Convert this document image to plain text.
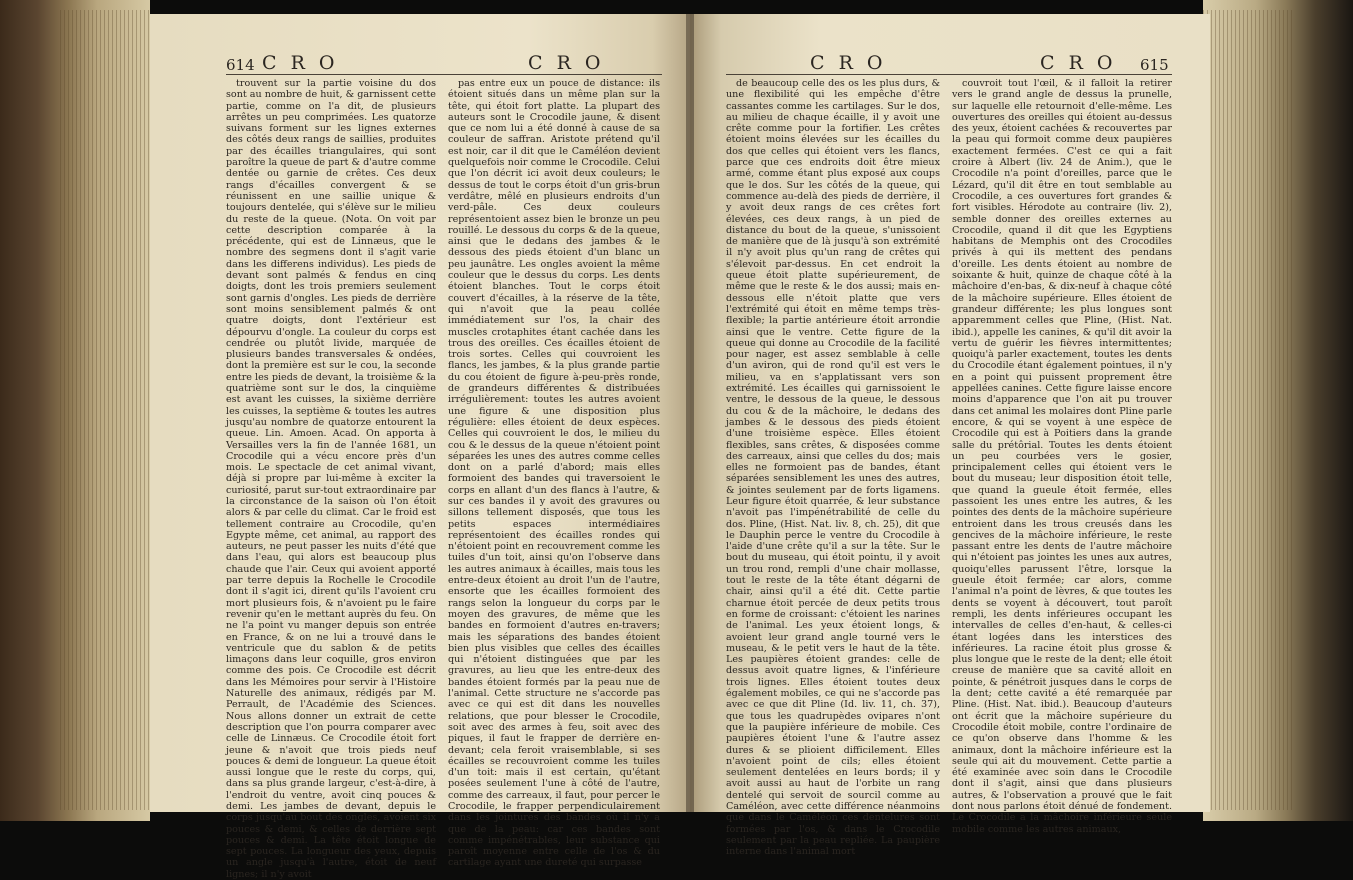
614 C R O	C R O	C R O	C R O 615

trouvent sur la partie voisine du dos sont au nombre de huit, & garnissent cette partie, comme on l'a dit, de plusieurs arrêtes un peu comprimées. Les quatorze suivans forment sur les lignes externes des côtés deux rangs de saillies, produites par des écailles triangulaires, qui sont paroître la queue de part & d'autre comme dentée ou garnie de crêtes. Ces deux rangs d'écailles convergent & se réunissent en une saillie unique & toujours dentelée, qui s'élève sur le milieu du reste de la queue. (Nota. On voit par cette description comparée à la précédente, qui est de Linnæus, que le nombre des segmens dont il s'agit varie dans les differens individus). Les pieds de devant sont palmés & fendus en cinq doigts, dont les trois premiers seulement sont garnis d'ongles. Les pieds de derrière sont moins sensiblement palmés & ont quatre doigts, dont l'extérieur est dépourvu d'ongle. La couleur du corps est cendrée ou plutôt livide, marquée de plusieurs bandes transversales & ondées, dont la première est sur le cou, la seconde entre les pieds de devant, la troisième & la quatrième sont sur le dos, la cinquième est avant les cuisses, la sixième derrière les cuisses, la septième & toutes les autres jusqu'au nombre de quatorze entourent la queue. Lin. Amoen. Acad. On apporta à Versailles vers la fin de l'année 1681, un Crocodile qui a vécu encore près d'un mois. Le spectacle de cet animal vivant, déjà si propre par lui-même à exciter la curiosité, parut sur-tout extraordinaire par la circonstance de la saison où l'on étoit alors & par celle du climat. Car le froid est tellement contraire au Crocodile, qu'en Egypte même, cet animal, au rapport des auteurs, ne peut passer les nuits d'été que dans l'eau, qui alors est beaucoup plus chaude que l'air. Ceux qui avoient apporté par terre depuis la Rochelle le Crocodile dont il s'agit ici, dirent qu'ils l'avoient cru mort plusieurs fois, & n'avoient pu le faire revenir qu'en le mettant auprès du feu. On ne l'a point vu manger depuis son entrée en France, & on ne lui a trouvé dans le ventricule que du sablon & de petits limaçons dans leur coquille, gros environ comme des pois. Ce Crocodile est décrit dans les Mémoires pour servir à l'Histoire Naturelle des animaux, rédigés par M. Perrault, de l'Académie des Sciences. Nous allons donner un extrait de cette description que l'on pourra comparer avec celle de Linnæus. Ce Crocodile étoit fort jeune & n'avoit que trois pieds neuf pouces & demi de longueur. La queue étoit aussi longue que le reste du corps, qui, dans sa plus grande largeur, c'est-à-dire, à l'endroit du ventre, avoit cinq pouces & demi. Les jambes de devant, depuis le corps jusqu'au bout des ongles, avoient six pouces & demi, & celles de derrière sept pouces & demi. La tête étoit longue de sept pouces. La longueur des yeux, depuis un angle jusqu'à l'autre, étoit de neuf lignes; il n'y avoit

pas entre eux un pouce de distance: ils étoient situés dans un même plan sur la tête, qui étoit fort platte. La plupart des auteurs sont le Crocodile jaune, & disent que ce nom lui a été donné à cause de sa couleur de saffran. Aristote prétend qu'il est noir, car il dit que le Caméléon devient quelquefois noir comme le Crocodile. Celui que l'on décrit ici avoit deux couleurs; le dessus de tout le corps étoit d'un gris-brun verdâtre, mêlé en plusieurs endroits d'un verd-pâle. Ces deux couleurs représentoient assez bien le bronze un peu rouillé. Le dessous du corps & de la queue, ainsi que le dedans des jambes & le dessous des pieds étoient d'un blanc un peu jaunâtre. Les ongles avoient la même couleur que le dessus du corps. Les dents étoient blanches. Tout le corps étoit couvert d'écailles, à la réserve de la tête, qui n'avoit que la peau collée immédiatement sur l'os, la chair des muscles crotaphites étant cachée dans les trous des oreilles. Ces écailles étoient de trois sortes. Celles qui couvroient les flancs, les jambes, & la plus grande partie du cou étoient de figure à-peu-près ronde, de grandeurs différentes & distribuées irrégulièrement: toutes les autres avoient une figure & une disposition plus régulière: elles étoient de deux espèces. Celles qui couvroient le dos, le milieu du cou & le dessus de la queue n'étoient point séparées les unes des autres comme celles dont on a parlé d'abord; mais elles formoient des bandes qui traversoient le corps en allant d'un des flancs à l'autre, & sur ces bandes il y avoit des gravures ou sillons tellement disposés, que tous les petits espaces intermédiaires représentoient des écailles rondes qui n'étoient point en recouvrement comme les tuiles d'un toit, ainsi qu'on l'observe dans les autres animaux à écailles, mais tous les entre-deux étoient au droit l'un de l'autre, ensorte que les écailles formoient des rangs selon la longueur du corps par le moyen des gravures, de même que les bandes en formoient d'autres en-travers; mais les séparations des bandes étoient bien plus visibles que celles des écailles qui n'étoient distinguées que par les gravures, au lieu que les entre-deux des bandes étoient formés par la peau nue de l'animal. Cette structure ne s'accorde pas avec ce qui est dit dans les nouvelles relations, que pour blesser le Crocodile, soit avec des armes à feu, soit avec des piques, il faut le frapper de derrière en-devant; cela feroit vraisemblable, si ses écailles se recouvroient comme les tuiles d'un toit: mais il est certain, qu'étant posées seulement l'une à côté de l'autre, comme des carreaux, il faut, pour percer le Crocodile, le frapper perpendiculairement dans les jointures des bandes où il n'y a que de la peau: car ces bandes sont comme impénétrables, leur substance qui paroît moyenne entre celle de l'os & du cartilage ayant une dureté qui surpasse

de beaucoup celle des os les plus durs, & une flexibilité qui les empêche d'être cassantes comme les cartilages. Sur le dos, au milieu de chaque écaille, il y avoit une crête comme pour la fortifier. Les crêtes étoient moins élevées sur les écailles du dos que celles qui étoient vers les flancs, parce que ces endroits doit être mieux armé, comme étant plus exposé aux coups que le dos. Sur les côtés de la queue, qui commence au-delà des pieds de derrière, il y avoit deux rangs de ces crêtes fort élevées, ces deux rangs, à un pied de distance du bout de la queue, s'unissoient de manière que de là jusqu'à son extrémité il n'y avoit plus qu'un rang de crêtes qui s'élevoit par-dessus. En cet endroit la queue étoit platte supérieurement, de même que le reste & le dos aussi; mais en-dessous elle n'étoit platte que vers l'extrémité qui étoit en même temps très-flexible; la partie antérieure étoit arrondie ainsi que le ventre. Cette figure de la queue qui donne au Crocodile de la facilité pour nager, est assez semblable à celle d'un aviron, qui de rond qu'il est vers le milieu, va en s'applatissant vers son extrémité. Les écailles qui garnissoient le ventre, le dessous de la queue, le dessous du cou & de la mâchoire, le dedans des jambes & le dessous des pieds étoient d'une troisième espèce. Elles étoient flexibles, sans crêtes, & disposées comme des carreaux, ainsi que celles du dos; mais elles ne formoient pas de bandes, étant séparées sensiblement les unes des autres, & jointes seulement par de forts ligamens. Leur figure étoit quarrée, & leur substance n'avoit pas l'impénétrabilité de celle du dos. Pline, (Hist. Nat. liv. 8, ch. 25), dit que le Dauphin perce le ventre du Crocodile à l'aide d'une crête qu'il a sur la tête. Sur le bout du museau, qui étoit pointu, il y avoit un trou rond, rempli d'une chair mollasse, tout le reste de la tête étant dégarni de chair, ainsi qu'il a été dit. Cette partie charnue étoit percée de deux petits trous en forme de croissant: c'étoient les narines de l'animal. Les yeux étoient longs, & avoient leur grand angle tourné vers le museau, & le petit vers le haut de la tête. Les paupières étoient grandes: celle de dessus avoit quatre lignes, & l'inférieure trois lignes. Elles étoient toutes deux également mobiles, ce qui ne s'accorde pas avec ce que dit Pline (Id. liv. 11, ch. 37), que tous les quadrupèdes ovipares n'ont que la paupière inférieure de mobile. Ces paupières étoient l'une & l'autre assez dures & se plioient difficilement. Elles n'avoient point de cils; elles étoient seulement dentelées en leurs bords; il y avoit aussi au haut de l'orbite un rang dentelé qui servoit de sourcil comme au Caméléon, avec cette différence néanmoins que dans le Caméléon ces dentelures sont formées par l'os, & dans le Crocodile seulement par la peau repliée. La paupière interne dans l'animal mort

couvroit tout l'œil, & il falloit la retirer vers le grand angle de dessus la prunelle, sur laquelle elle retournoit d'elle-même. Les ouvertures des oreilles qui étoient au-dessus des yeux, étoient cachées & recouvertes par la peau qui formoit comme deux paupières exactement fermées. C'est ce qui a fait croire à Albert (liv. 24 de Anim.), que le Crocodile n'a point d'oreilles, parce que le Lézard, qu'il dit être en tout semblable au Crocodile, a ces ouvertures fort grandes & fort visibles. Hérodote au contraire (liv. 2), semble donner des oreilles externes au Crocodile, quand il dit que les Egyptiens habitans de Memphis ont des Crocodiles privés à qui ils mettent des pendans d'oreille. Les dents étoient au nombre de soixante & huit, quinze de chaque côté à la mâchoire d'en-bas, & dix-neuf à chaque côté de la mâchoire supérieure. Elles étoient de grandeur différente; les plus longues sont apparemment celles que Pline, (Hist. Nat. ibid.), appelle les canines, & qu'il dit avoir la vertu de guérir les fièvres intermittentes; quoiqu'à parler exactement, toutes les dents du Crocodile étant également pointues, il n'y en a point qui puissent proprement être appellées canines. Cette figure laisse encore moins d'apparence que l'on ait pu trouver dans cet animal les molaires dont Pline parle encore, & qui se voyent à une espèce de Crocodile qui est à Poitiers dans la grande salle du prétôrial. Toutes les dents étoient un peu courbées vers le gosier, principalement celles qui étoient vers le bout du museau; leur disposition étoit telle, que quand la gueule étoit fermée, elles passoient les unes entre les autres, & les pointes des dents de la mâchoire supérieure entroient dans les trous creusés dans les gencives de la mâchoire inférieure, le reste passant entre les dents de l'autre mâchoire qui n'étoient pas jointes les unes aux autres, quoiqu'elles parussent l'être, lorsque la gueule étoit fermée; car alors, comme l'animal n'a point de lèvres, & que toutes les dents se voyent à découvert, tout paroît rempli, les dents inférieures occupant les intervalles de celles d'en-haut, & celles-ci étant logées dans les interstices des inférieures. La racine étoit plus grosse & plus longue que le reste de la dent; elle étoit creuse de manière que sa cavité alloit en pointe, & pénétroit jusques dans le corps de la dent; cette cavité a été remarquée par Pline. (Hist. Nat. ibid.). Beaucoup d'auteurs ont écrit que la mâchoire supérieure du Crocodile étoit mobile, contre l'ordinaire de ce qu'on observe dans l'homme & les animaux, dont la mâchoire inférieure est la seule qui ait du mouvement. Cette partie a été examinée avec soin dans le Crocodile dont il s'agit, ainsi que dans plusieurs autres, & l'observation a prouvé que le fait dont nous parlons étoit dénué de fondement. Le Crocodile a la mâchoire inférieure seule mobile comme les autres animaux,
